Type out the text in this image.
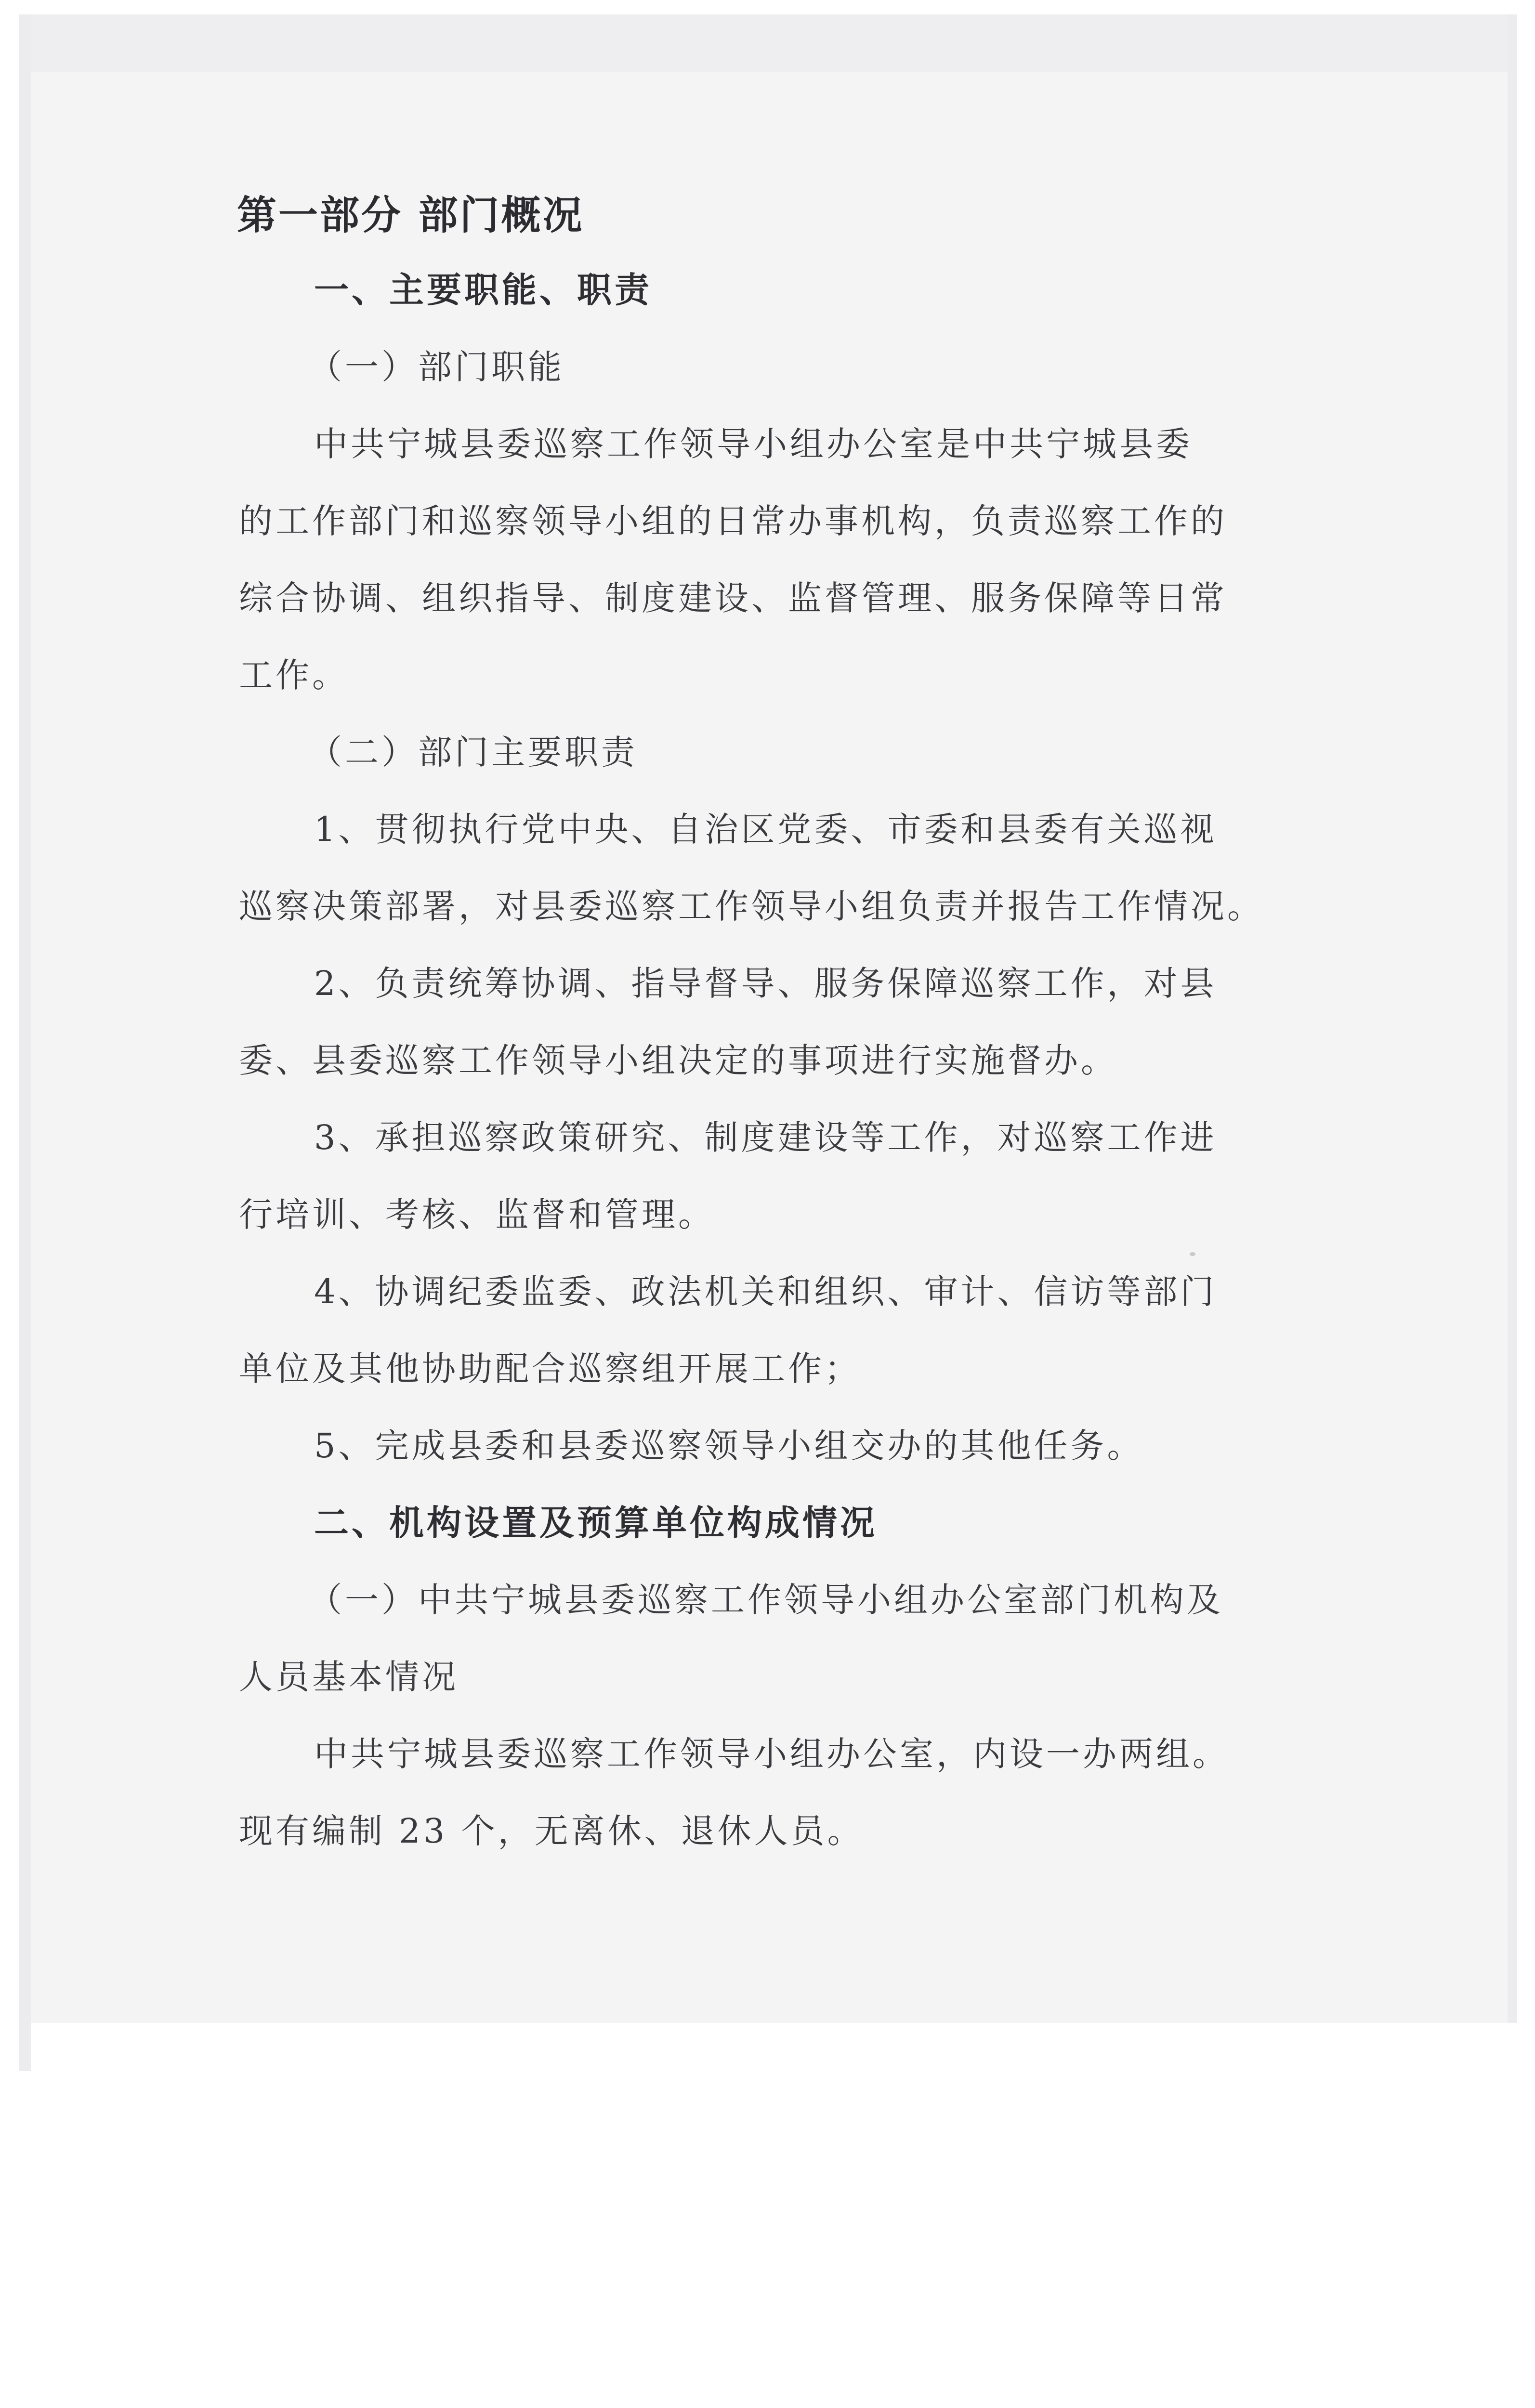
第一部分 部门概况
一、主要职能、职责
（一）部门职能
中共宁城县委巡察工作领导小组办公室是中共宁城县委
的工作部门和巡察领导小组的日常办事机构，负责巡察工作的
综合协调、组织指导、制度建设、监督管理、服务保障等日常
工作。
（二）部门主要职责
1、贯彻执行党中央、自治区党委、市委和县委有关巡视
巡察决策部署，对县委巡察工作领导小组负责并报告工作情况。
2、负责统筹协调、指导督导、服务保障巡察工作，对县
委、县委巡察工作领导小组决定的事项进行实施督办。
3、承担巡察政策研究、制度建设等工作，对巡察工作进
行培训、考核、监督和管理。
4、协调纪委监委、政法机关和组织、审计、信访等部门
单位及其他协助配合巡察组开展工作；
5、完成县委和县委巡察领导小组交办的其他任务。
二、机构设置及预算单位构成情况
（一）中共宁城县委巡察工作领导小组办公室部门机构及
人员基本情况
中共宁城县委巡察工作领导小组办公室，内设一办两组。
现有编制 23 个，无离休、退休人员。
